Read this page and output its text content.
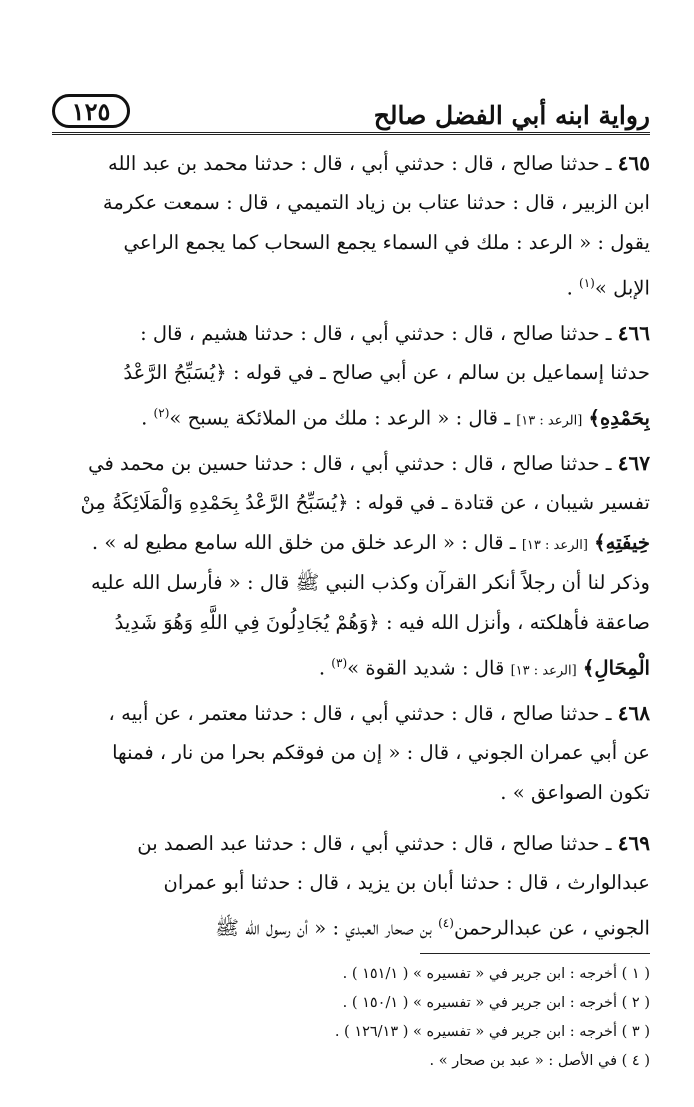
رواية ابنه أبي الفضل صالح
١٢٥
٤٦٥ ـ حدثنا صالح ، قال : حدثني أبي ، قال : حدثنا محمد بن عبد الله
ابن الزبير ، قال : حدثنا عتاب بن زياد التميمي ، قال : سمعت عكرمة
يقول : « الرعد : ملك في السماء يجمع السحاب كما يجمع الراعي
الإبل »$^{(١)}$ .
٤٦٦ ـ حدثنا صالح ، قال : حدثني أبي ، قال : حدثنا هشيم ، قال :
حدثنا إسماعيل بن سالم ، عن أبي صالح ـ في قوله : ﴿يُسَبِّحُ الرَّعْدُ
بِحَمْدِهِ﴾ [الرعد : ١٣] ـ قال : « الرعد : ملك من الملائكة يسبح »$^{(٢)}$ .
٤٦٧ ـ حدثنا صالح ، قال : حدثني أبي ، قال : حدثنا حسين بن محمد في
تفسير شيبان ، عن قتادة ـ في قوله : ﴿يُسَبِّحُ الرَّعْدُ بِحَمْدِهِ وَالْمَلَائِكَةُ مِنْ
خِيفَتِهِ﴾ [الرعد : ١٣] ـ قال : « الرعد خلق من خلق الله سامع مطيع له » .
وذكر لنا أن رجلاً أنكر القرآن وكذب النبي ﷺ قال : « فأرسل الله عليه
صاعقة فأهلكته ، وأنزل الله فيه : ﴿وَهُمْ يُجَادِلُونَ فِي اللَّهِ وَهُوَ شَدِيدُ
الْمِحَالِ﴾ [الرعد : ١٣] قال : شديد القوة »$^{(٣)}$ .
٤٦٨ ـ حدثنا صالح ، قال : حدثني أبي ، قال : حدثنا معتمر ، عن أبيه ،
عن أبي عمران الجوني ، قال : « إن من فوقكم بحرا من نار ، فمنها
تكون الصواعق » .
٤٦٩ ـ حدثنا صالح ، قال : حدثني أبي ، قال : حدثنا عبد الصمد بن
عبدالوارث ، قال : حدثنا أبان بن يزيد ، قال : حدثنا أبو عمران
الجوني ، عن عبدالرحمن$^{(٤)}$ بن صحار العبدي : « أن رسول الله ﷺ
( ١ ) أخرجه : ابن جرير في « تفسيره » ( ١٥١/١ ) .
( ٢ ) أخرجه : ابن جرير في « تفسيره » ( ١٥٠/١ ) .
( ٣ ) أخرجه : ابن جرير في « تفسيره » ( ١٢٦/١٣ ) .
( ٤ ) في الأصل : « عبد بن صحار » .
